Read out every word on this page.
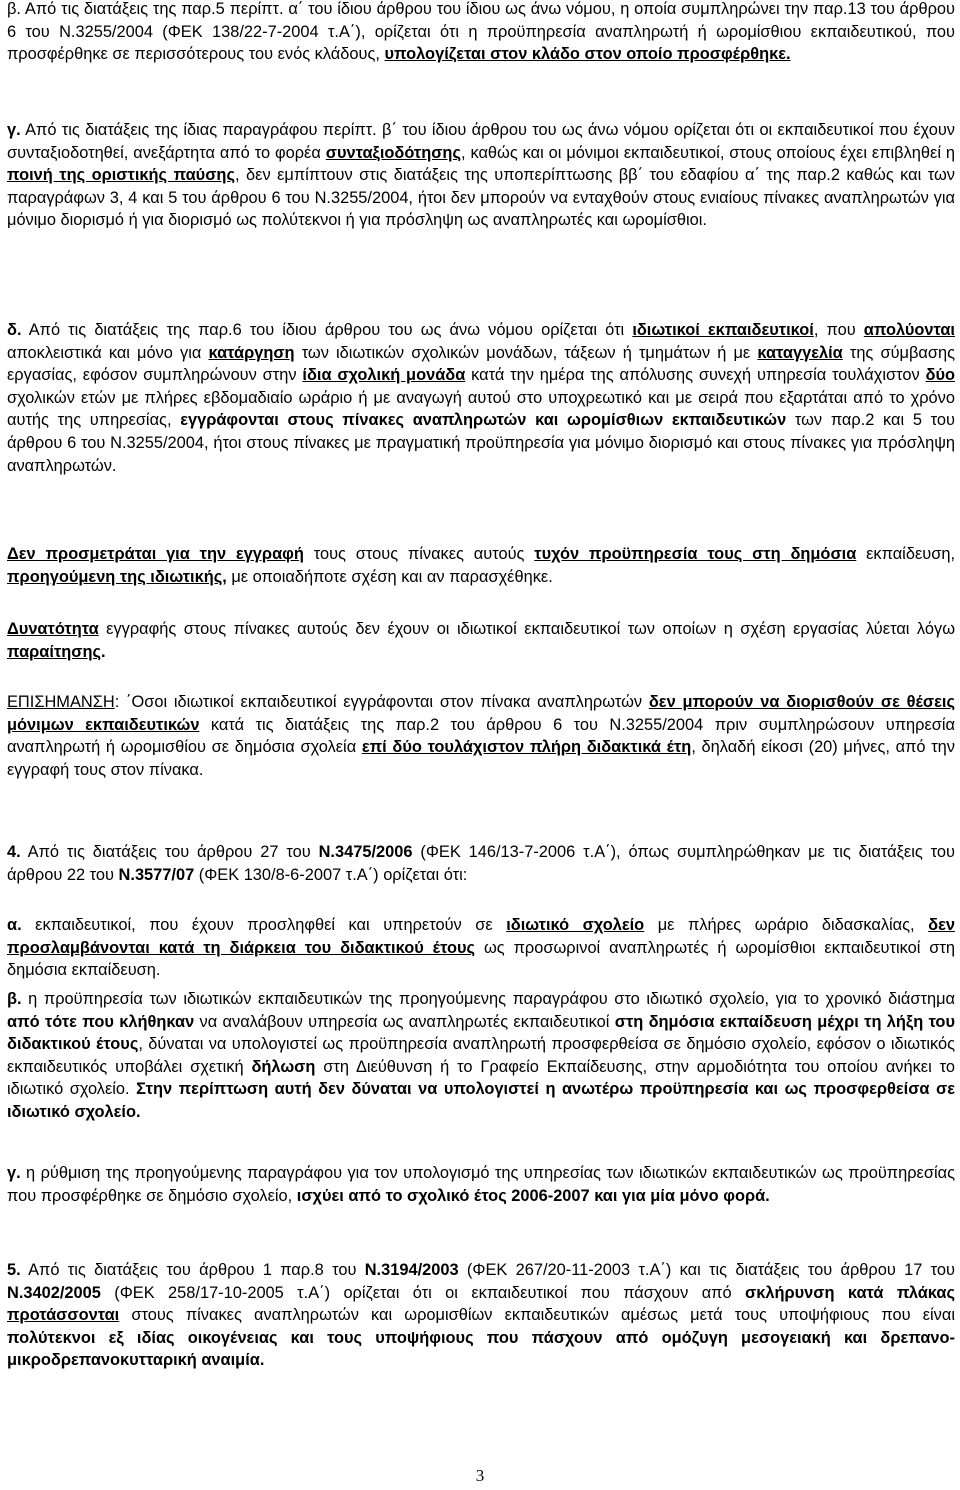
β. Από τις διατάξεις της παρ.5 περίπτ. α΄ του ίδιου άρθρου του ίδιου ως άνω νόμου, η οποία συμπληρώνει την παρ.13 του άρθρου 6 του Ν.3255/2004 (ΦΕΚ 138/22-7-2004 τ.Α΄), ορίζεται ότι η προϋπηρεσία αναπληρωτή ή ωρομίσθιου εκπαιδευτικού, που προσφέρθηκε σε περισσότερους του ενός κλάδους, υπολογίζεται στον κλάδο στον οποίο προσφέρθηκε.

γ. Από τις διατάξεις της ίδιας παραγράφου περίπτ. β΄ του ίδιου άρθρου του ως άνω νόμου ορίζεται ότι οι εκπαιδευτικοί που έχουν συνταξιοδοτηθεί, ανεξάρτητα από το φορέα συνταξιοδότησης, καθώς και οι μόνιμοι εκπαιδευτικοί, στους οποίους έχει επιβληθεί η ποινή της οριστικής παύσης, δεν εμπίπτουν στις διατάξεις της υποπερίπτωσης ββ΄ του εδαφίου α΄ της παρ.2 καθώς και των παραγράφων 3, 4 και 5 του άρθρου 6 του Ν.3255/2004, ήτοι δεν μπορούν να ενταχθούν στους ενιαίους πίνακες αναπληρωτών για μόνιμο διορισμό ή για διορισμό ως πολύτεκνοι ή για πρόσληψη ως αναπληρωτές και ωρομίσθιοι.

δ. Από τις διατάξεις της παρ.6 του ίδιου άρθρου του ως άνω νόμου ορίζεται ότι ιδιωτικοί εκπαιδευτικοί, που απολύονται αποκλειστικά και μόνο για κατάργηση των ιδιωτικών σχολικών μονάδων, τάξεων ή τμημάτων ή με καταγγελία της σύμβασης εργασίας, εφόσον συμπληρώνουν στην ίδια σχολική μονάδα κατά την ημέρα της απόλυσης συνεχή υπηρεσία τουλάχιστον δύο σχολικών ετών με πλήρες εβδομαδιαίο ωράριο ή με αναγωγή αυτού στο υποχρεωτικό και με σειρά που εξαρτάται από το χρόνο αυτής της υπηρεσίας, εγγράφονται στους πίνακες αναπληρωτών και ωρομίσθιων εκπαιδευτικών των παρ.2 και 5 του άρθρου 6 του Ν.3255/2004, ήτοι στους πίνακες με πραγματική προϋπηρεσία για μόνιμο διορισμό και στους πίνακες για πρόσληψη αναπληρωτών.

Δεν προσμετράται για την εγγραφή τους στους πίνακες αυτούς τυχόν προϋπηρεσία τους στη δημόσια εκπαίδευση, προηγούμενη της ιδιωτικής, με οποιαδήποτε σχέση και αν παρασχέθηκε.

Δυνατότητα εγγραφής στους πίνακες αυτούς δεν έχουν οι ιδιωτικοί εκπαιδευτικοί των οποίων η σχέση εργασίας λύεται λόγω παραίτησης.

ΕΠΙΣΗΜΑΝΣΗ: ΄Οσοι ιδιωτικοί εκπαιδευτικοί εγγράφονται στον πίνακα αναπληρωτών δεν μπορούν να διορισθούν σε θέσεις μόνιμων εκπαιδευτικών κατά τις διατάξεις της παρ.2 του άρθρου 6 του Ν.3255/2004 πριν συμπληρώσουν υπηρεσία αναπληρωτή ή ωρομισθίου σε δημόσια σχολεία επί δύο τουλάχιστον πλήρη διδακτικά έτη, δηλαδή είκοσι (20) μήνες, από την εγγραφή τους στον πίνακα.

4. Από τις διατάξεις του άρθρου 27 του Ν.3475/2006 (ΦΕΚ 146/13-7-2006 τ.Α΄), όπως συμπληρώθηκαν με τις διατάξεις του άρθρου 22 του Ν.3577/07 (ΦΕΚ 130/8-6-2007 τ.Α΄) ορίζεται ότι:

α. εκπαιδευτικοί, που έχουν προσληφθεί και υπηρετούν σε ιδιωτικό σχολείο με πλήρες ωράριο διδασκαλίας, δεν προσλαμβάνονται κατά τη διάρκεια του διδακτικού έτους ως προσωρινοί αναπληρωτές ή ωρομίσθιοι εκπαιδευτικοί στη δημόσια εκπαίδευση.

β. η προϋπηρεσία των ιδιωτικών εκπαιδευτικών της προηγούμενης παραγράφου στο ιδιωτικό σχολείο, για το χρονικό διάστημα από τότε που κλήθηκαν να αναλάβουν υπηρεσία ως αναπληρωτές εκπαιδευτικοί στη δημόσια εκπαίδευση μέχρι τη λήξη του διδακτικού έτους, δύναται να υπολογιστεί ως προϋπηρεσία αναπληρωτή προσφερθείσα σε δημόσιο σχολείο, εφόσον ο ιδιωτικός εκπαιδευτικός υποβάλει σχετική δήλωση στη Διεύθυνση ή το Γραφείο Εκπαίδευσης, στην αρμοδιότητα του οποίου ανήκει το ιδιωτικό σχολείο. Στην περίπτωση αυτή δεν δύναται να υπολογιστεί η ανωτέρω προϋπηρεσία και ως προσφερθείσα σε ιδιωτικό σχολείο.

γ. η ρύθμιση της προηγούμενης παραγράφου για τον υπολογισμό της υπηρεσίας των ιδιωτικών εκπαιδευτικών ως προϋπηρεσίας που προσφέρθηκε σε δημόσιο σχολείο, ισχύει από το σχολικό έτος 2006-2007 και για μία μόνο φορά.

5. Από τις διατάξεις του άρθρου 1 παρ.8 του Ν.3194/2003 (ΦΕΚ 267/20-11-2003 τ.Α΄) και τις διατάξεις του άρθρου 17 του Ν.3402/2005 (ΦΕΚ 258/17-10-2005 τ.Α΄) ορίζεται ότι οι εκπαιδευτικοί που πάσχουν από σκλήρυνση κατά πλάκας προτάσσονται στους πίνακες αναπληρωτών και ωρομισθίων εκπαιδευτικών αμέσως μετά τους υποψήφιους που είναι πολύτεκνοι εξ ιδίας οικογένειας και τους υποψήφιους που πάσχουν από ομόζυγη μεσογειακή και δρεπανο-μικροδρεπανοκυτταρική αναιμία.

3
